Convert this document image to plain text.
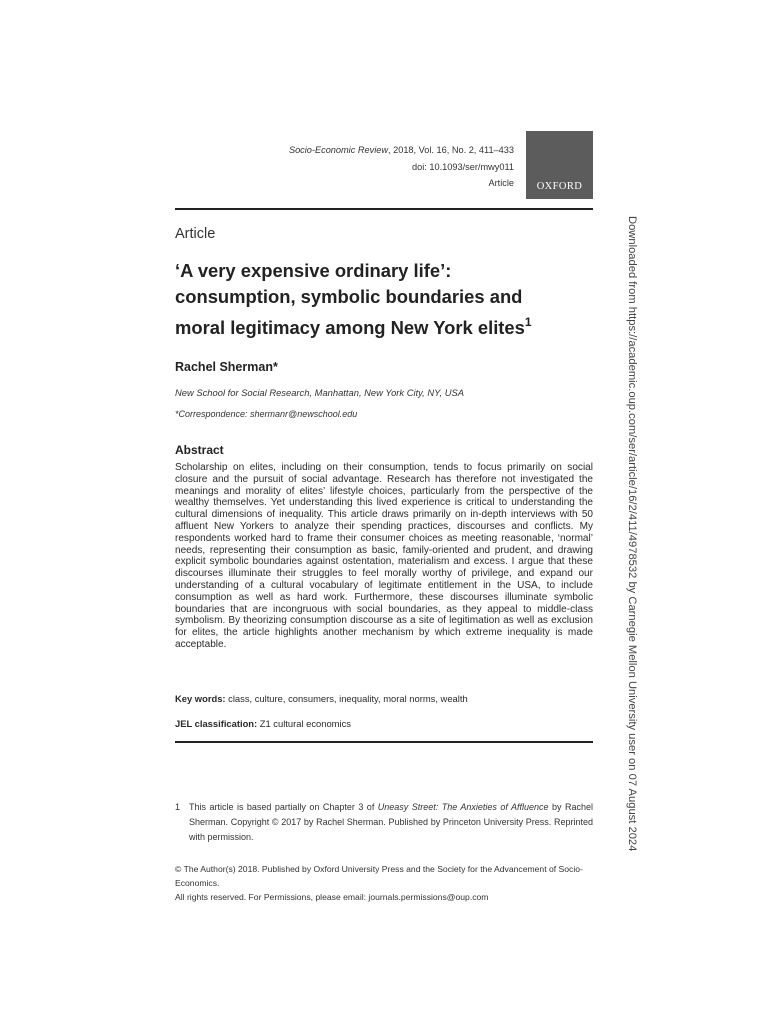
Socio-Economic Review, 2018, Vol. 16, No. 2, 411–433
doi: 10.1093/ser/mwy011
Article	OXFORD
Article
‘A very expensive ordinary life’:
consumption, symbolic boundaries and
moral legitimacy among New York elites$^1$
Rachel Sherman*
New School for Social Research, Manhattan, New York City, NY, USA
*Correspondence: shermanr@newschool.edu
Abstract

Scholarship on elites, including on their consumption, tends to focus primarily on social closure and the pursuit of social advantage. Research has therefore not investigated the meanings and morality of elites’ lifestyle choices, particularly from the perspective of the wealthy themselves. Yet understanding this lived experience is critical to understanding the cultural dimensions of inequality. This article draws primarily on in-depth interviews with 50 affluent New Yorkers to analyze their spending practices, discourses and conflicts. My respondents worked hard to frame their consumer choices as meeting reasonable, ‘normal’ needs, representing their consumption as basic, family-oriented and prudent, and drawing explicit symbolic boundaries against ostentation, materialism and excess. I argue that these discourses illuminate their struggles to feel morally worthy of privilege, and expand our understanding of a cultural vocabulary of legitimate entitlement in the USA, to include consumption as well as hard work. Furthermore, these discourses illuminate symbolic boundaries that are incongruous with social boundaries, as they appeal to middle-class symbolism. By theorizing consumption discourse as a site of legitimation as well as exclusion for elites, the article highlights another mechanism by which extreme inequality is made acceptable.

Key words: class, culture, consumers, inequality, moral norms, wealth
JEL classification: Z1 cultural economics
1 This article is based partially on Chapter 3 of Uneasy Street: The Anxieties of Affluence by Rachel Sherman. Copyright © 2017 by Rachel Sherman. Published by Princeton University Press. Reprinted with permission.
© The Author(s) 2018. Published by Oxford University Press and the Society for the Advancement of Socio-Economics.
All rights reserved. For Permissions, please email: journals.permissions@oup.com
Downloaded from https://academic.oup.com/ser/article/16/2/411/4978532 by Carnegie Mellon University user on 07 August 2024
